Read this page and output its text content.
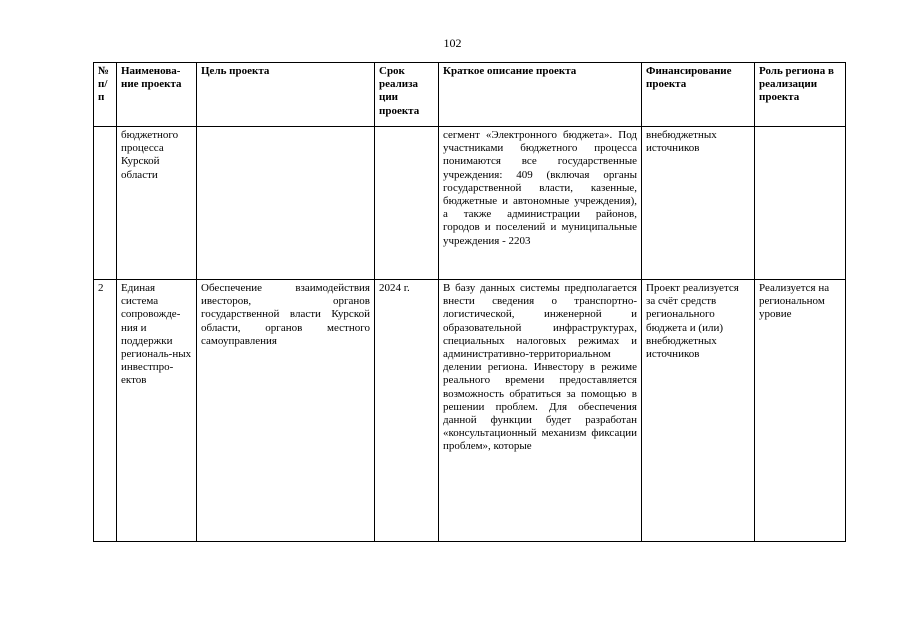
102
№ п/ п	Наименова-ние проекта	Цель проекта	Срок реализа ции проекта	Краткое описание проекта	Финансирование проекта	Роль региона в реализации проекта
	бюджетного процесса Курской области			сегмент «Электронного бюджета». Под участниками бюджетного процесса понимаются все государственные учреждения: 409 (включая органы государственной власти, казенные, бюджетные и автономные учреждения), а также администрации районов, городов и поселений и муниципальные учреждения - 2203	внебюджетных источников	
2	Единая система сопровожде-ния и поддержки региональ-ных инвестпро-ектов	Обеспечение взаимодействия ивесторов, органов государственной власти Курской области, органов местного самоуправления	2024 г.	В базу данных системы предполагается внести сведения о транспортно-логистической, инженерной и образовательной инфраструктурах, специальных налоговых режимах и административно-территориальном делении региона. Инвестору в режиме реального времени предоставляется возможность обратиться за помощью в решении проблем. Для обеспечения данной функции будет разработан «консультационный механизм фиксации проблем», которые	Проект реализуется за счёт средств регионального бюджета и (или) внебюджетных источников	Реализуется на региональном уровие
